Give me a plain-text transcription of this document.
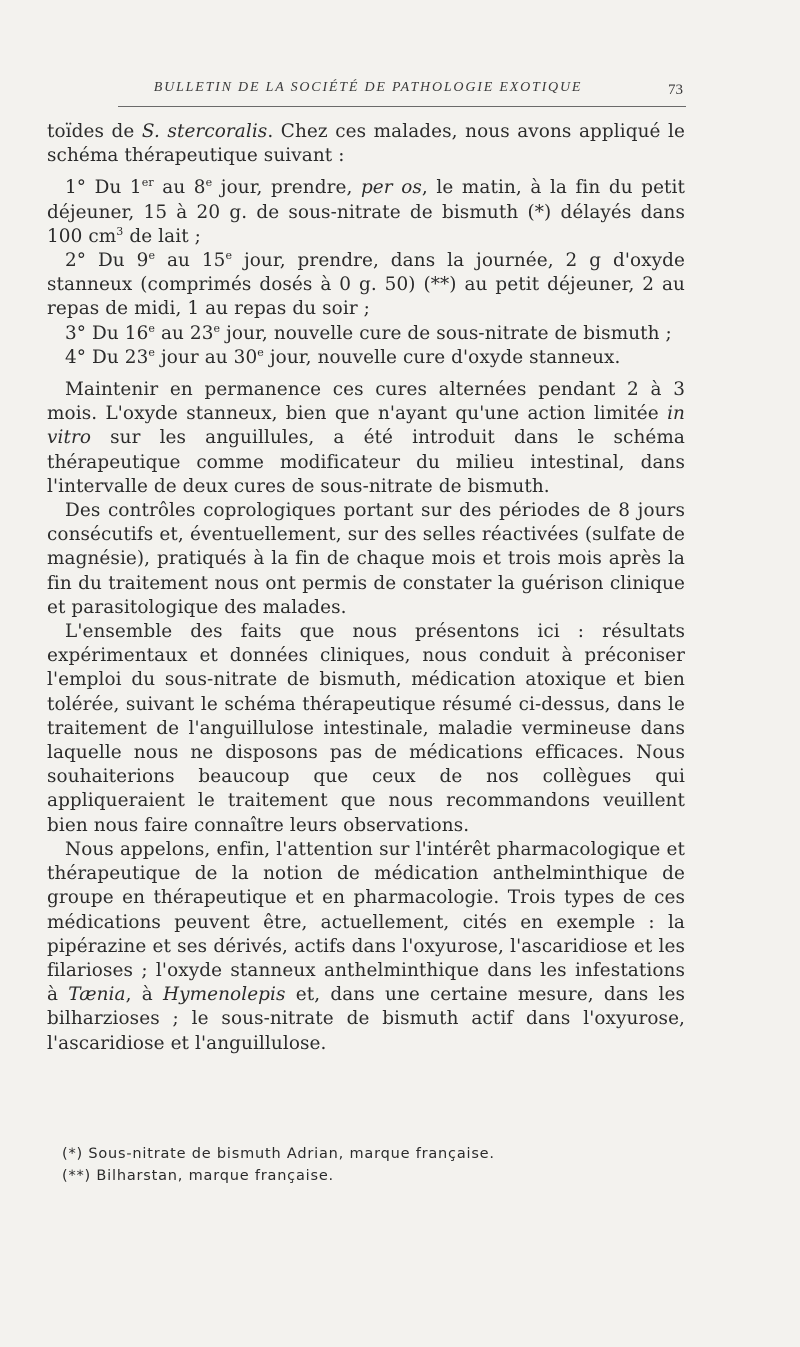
BULLETIN DE LA SOCIÉTÉ DE PATHOLOGIE EXOTIQUE	73

toïdes de S. stercoralis. Chez ces malades, nous avons appliqué le schéma thérapeutique suivant :

1° Du 1er au 8e jour, prendre, per os, le matin, à la fin du petit déjeuner, 15 à 20 g. de sous-nitrate de bismuth (*) délayés dans 100 $cm^3$ de lait ;

2° Du 9e au 15e jour, prendre, dans la journée, 2 g d'oxyde stanneux (comprimés dosés à 0 g. 50) (**) au petit déjeuner, 2 au repas de midi, 1 au repas du soir ;

3° Du 16e au 23e jour, nouvelle cure de sous-nitrate de bismuth ;

4° Du 23e jour au 30e jour, nouvelle cure d'oxyde stanneux.

Maintenir en permanence ces cures alternées pendant 2 à 3 mois. L'oxyde stanneux, bien que n'ayant qu'une action limitée in vitro sur les anguillules, a été introduit dans le schéma thérapeutique comme modificateur du milieu intestinal, dans l'intervalle de deux cures de sous-nitrate de bismuth.

Des contrôles coprologiques portant sur des périodes de 8 jours consécutifs et, éventuellement, sur des selles réactivées (sulfate de magnésie), pratiqués à la fin de chaque mois et trois mois après la fin du traitement nous ont permis de constater la guérison clinique et parasitologique des malades.

L'ensemble des faits que nous présentons ici : résultats expérimentaux et données cliniques, nous conduit à préconiser l'emploi du sous-nitrate de bismuth, médication atoxique et bien tolérée, suivant le schéma thérapeutique résumé ci-dessus, dans le traitement de l'anguillulose intestinale, maladie vermineuse dans laquelle nous ne disposons pas de médications efficaces. Nous souhaiterions beaucoup que ceux de nos collègues qui appliqueraient le traitement que nous recommandons veuillent bien nous faire connaître leurs observations.

Nous appelons, enfin, l'attention sur l'intérêt pharmacologique et thérapeutique de la notion de médication anthelminthique de groupe en thérapeutique et en pharmacologie. Trois types de ces médications peuvent être, actuellement, cités en exemple : la pipérazine et ses dérivés, actifs dans l'oxyurose, l'ascaridiose et les filarioses ; l'oxyde stanneux anthelminthique dans les infestations à Tænia, à Hymenolepis et, dans une certaine mesure, dans les bilharzioses ; le sous-nitrate de bismuth actif dans l'oxyurose, l'ascaridiose et l'anguillulose.

(*) Sous-nitrate de bismuth Adrian, marque française.
(**) Bilharstan, marque française.
